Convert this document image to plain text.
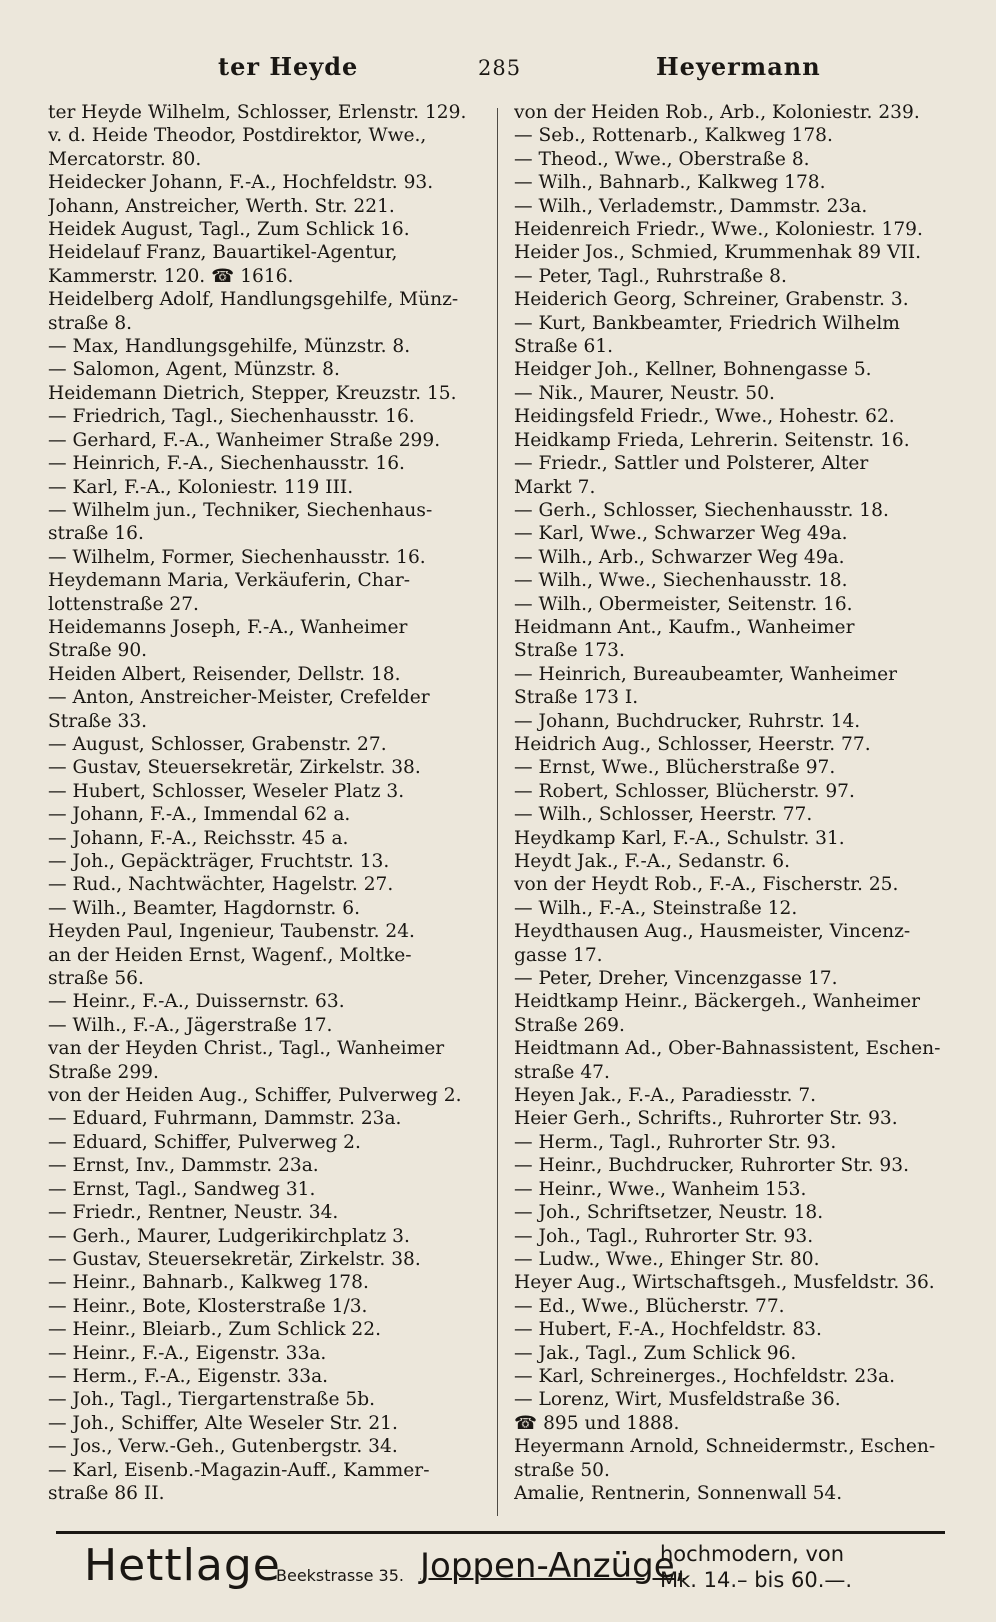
ter Heyde	285	Heyermann
ter Heyde Wilhelm, Schlosser, Erlenstr. 129.
v. d. Heide Theodor, Postdirektor, Wwe.,
Mercatorstr. 80.
Heidecker Johann, F.-A., Hochfeldstr. 93.
Johann, Anstreicher, Werth. Str. 221.
Heidek August, Tagl., Zum Schlick 16.
Heidelauf Franz, Bauartikel-Agentur,
Kammerstr. 120. ☎ 1616.
Heidelberg Adolf, Handlungsgehilfe, Münz-
straße 8.
— Max, Handlungsgehilfe, Münzstr. 8.
— Salomon, Agent, Münzstr. 8.
Heidemann Dietrich, Stepper, Kreuzstr. 15.
— Friedrich, Tagl., Siechenhausstr. 16.
— Gerhard, F.-A., Wanheimer Straße 299.
— Heinrich, F.-A., Siechenhausstr. 16.
— Karl, F.-A., Koloniestr. 119 III.
— Wilhelm jun., Techniker, Siechenhaus-
straße 16.
— Wilhelm, Former, Siechenhausstr. 16.
Heydemann Maria, Verkäuferin, Char-
lottenstraße 27.
Heidemanns Joseph, F.-A., Wanheimer
Straße 90.
Heiden Albert, Reisender, Dellstr. 18.
— Anton, Anstreicher-Meister, Crefelder
Straße 33.
— August, Schlosser, Grabenstr. 27.
— Gustav, Steuersekretär, Zirkelstr. 38.
— Hubert, Schlosser, Weseler Platz 3.
— Johann, F.-A., Immendal 62 a.
— Johann, F.-A., Reichsstr. 45 a.
— Joh., Gepäckträger, Fruchtstr. 13.
— Rud., Nachtwächter, Hagelstr. 27.
— Wilh., Beamter, Hagdornstr. 6.
Heyden Paul, Ingenieur, Taubenstr. 24.
an der Heiden Ernst, Wagenf., Moltke-
straße 56.
— Heinr., F.-A., Duissernstr. 63.
— Wilh., F.-A., Jägerstraße 17.
van der Heyden Christ., Tagl., Wanheimer
Straße 299.
von der Heiden Aug., Schiffer, Pulverweg 2.
— Eduard, Fuhrmann, Dammstr. 23a.
— Eduard, Schiffer, Pulverweg 2.
— Ernst, Inv., Dammstr. 23a.
— Ernst, Tagl., Sandweg 31.
— Friedr., Rentner, Neustr. 34.
— Gerh., Maurer, Ludgerikirchplatz 3.
— Gustav, Steuersekretär, Zirkelstr. 38.
— Heinr., Bahnarb., Kalkweg 178.
— Heinr., Bote, Klosterstraße 1/3.
— Heinr., Bleiarb., Zum Schlick 22.
— Heinr., F.-A., Eigenstr. 33a.
— Herm., F.-A., Eigenstr. 33a.
— Joh., Tagl., Tiergartenstraße 5b.
— Joh., Schiffer, Alte Weseler Str. 21.
— Jos., Verw.-Geh., Gutenbergstr. 34.
— Karl, Eisenb.-Magazin-Auff., Kammer-
straße 86 II.
von der Heiden Rob., Arb., Koloniestr. 239.
— Seb., Rottenarb., Kalkweg 178.
— Theod., Wwe., Oberstraße 8.
— Wilh., Bahnarb., Kalkweg 178.
— Wilh., Verlademstr., Dammstr. 23a.
Heidenreich Friedr., Wwe., Koloniestr. 179.
Heider Jos., Schmied, Krummenhak 89 VII.
— Peter, Tagl., Ruhrstraße 8.
Heiderich Georg, Schreiner, Grabenstr. 3.
— Kurt, Bankbeamter, Friedrich Wilhelm
Straße 61.
Heidger Joh., Kellner, Bohnengasse 5.
— Nik., Maurer, Neustr. 50.
Heidingsfeld Friedr., Wwe., Hohestr. 62.
Heidkamp Frieda, Lehrerin. Seitenstr. 16.
— Friedr., Sattler und Polsterer, Alter
Markt 7.
— Gerh., Schlosser, Siechenhausstr. 18.
— Karl, Wwe., Schwarzer Weg 49a.
— Wilh., Arb., Schwarzer Weg 49a.
— Wilh., Wwe., Siechenhausstr. 18.
— Wilh., Obermeister, Seitenstr. 16.
Heidmann Ant., Kaufm., Wanheimer
Straße 173.
— Heinrich, Bureaubeamter, Wanheimer
Straße 173 I.
— Johann, Buchdrucker, Ruhrstr. 14.
Heidrich Aug., Schlosser, Heerstr. 77.
— Ernst, Wwe., Blücherstraße 97.
— Robert, Schlosser, Blücherstr. 97.
— Wilh., Schlosser, Heerstr. 77.
Heydkamp Karl, F.-A., Schulstr. 31.
Heydt Jak., F.-A., Sedanstr. 6.
von der Heydt Rob., F.-A., Fischerstr. 25.
— Wilh., F.-A., Steinstraße 12.
Heydthausen Aug., Hausmeister, Vincenz-
gasse 17.
— Peter, Dreher, Vincenzgasse 17.
Heidtkamp Heinr., Bäckergeh., Wanheimer
Straße 269.
Heidtmann Ad., Ober-Bahnassistent, Eschen-
straße 47.
Heyen Jak., F.-A., Paradiesstr. 7.
Heier Gerh., Schrifts., Ruhrorter Str. 93.
— Herm., Tagl., Ruhrorter Str. 93.
— Heinr., Buchdrucker, Ruhrorter Str. 93.
— Heinr., Wwe., Wanheim 153.
— Joh., Schriftsetzer, Neustr. 18.
— Joh., Tagl., Ruhrorter Str. 93.
— Ludw., Wwe., Ehinger Str. 80.
Heyer Aug., Wirtschaftsgeh., Musfeldstr. 36.
— Ed., Wwe., Blücherstr. 77.
— Hubert, F.-A., Hochfeldstr. 83.
— Jak., Tagl., Zum Schlick 96.
— Karl, Schreinerges., Hochfeldstr. 23a.
— Lorenz, Wirt, Musfeldstraße 36.
☎ 895 und 1888.
Heyermann Arnold, Schneidermstr., Eschen-
straße 50.
Amalie, Rentnerin, Sonnenwall 54.
Hettlage
Beekstrasse 35. Joppen-Anzüge,
hochmodern, von
Mk. 14.– bis 60.—.
